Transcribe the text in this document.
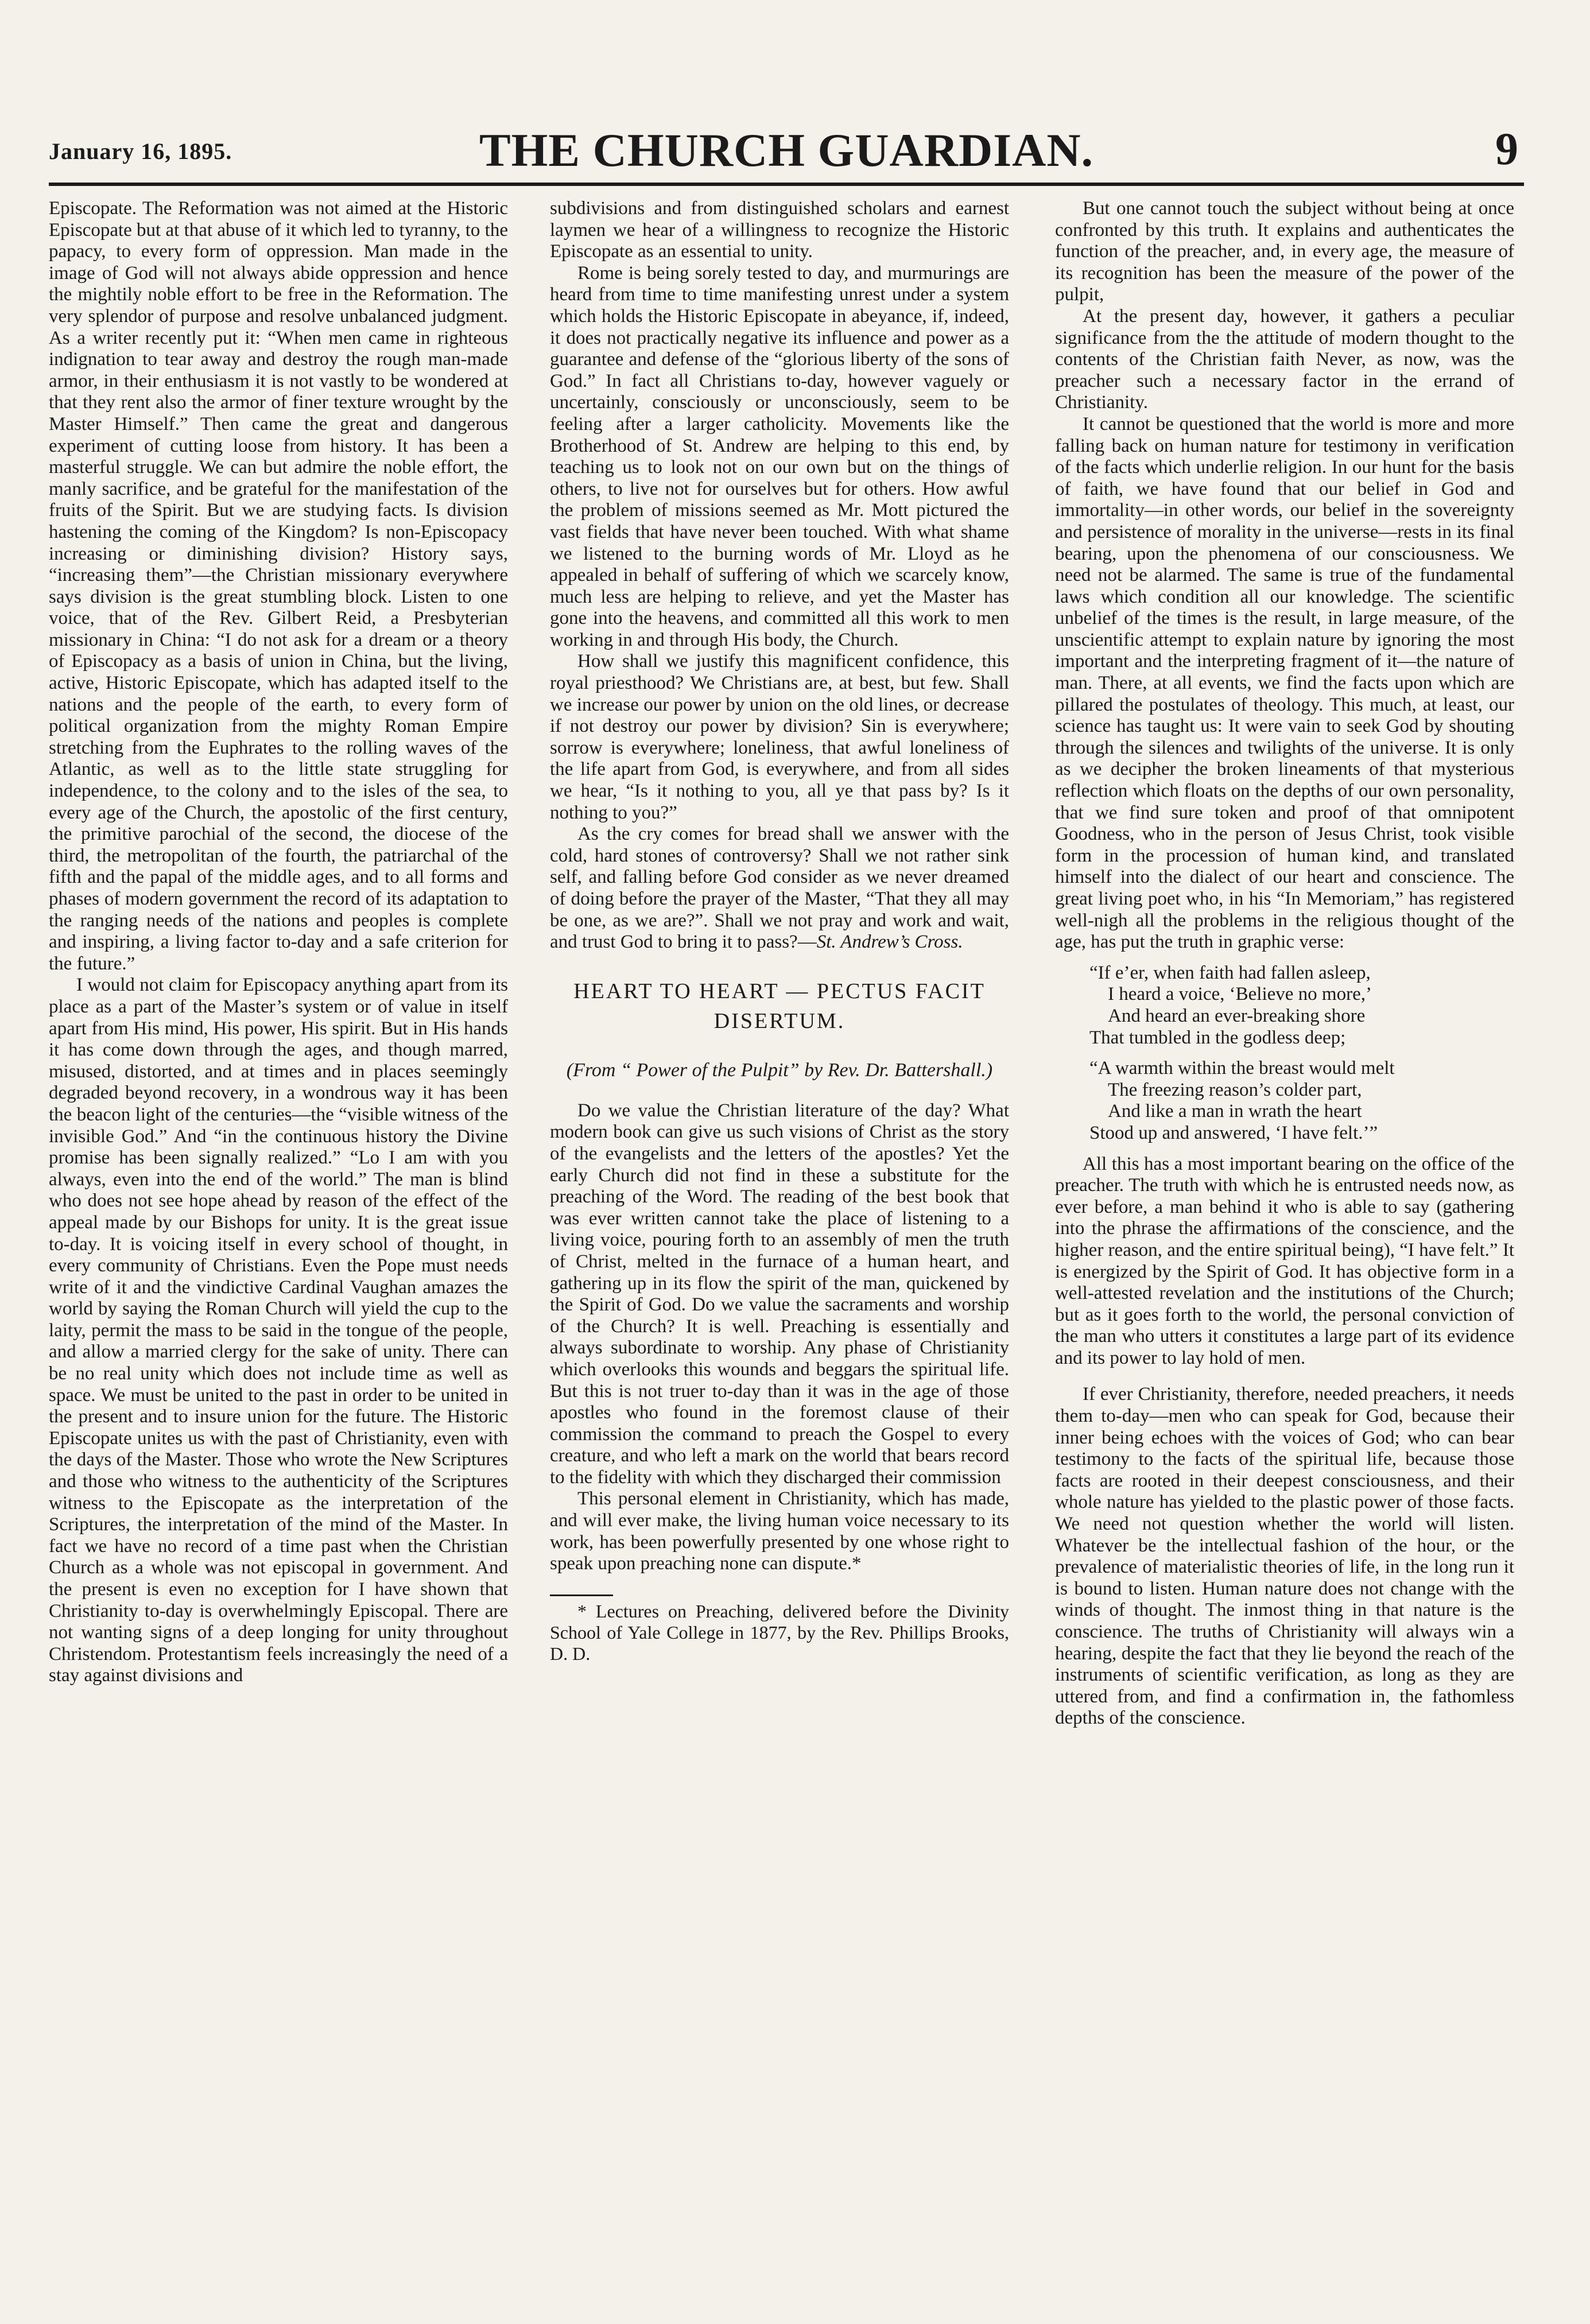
January 16, 1895.	THE CHURCH GUARDIAN.	9

Episcopate. The Reformation was not aimed at the Historic Episcopate but at that abuse of it which led to tyranny, to the papacy, to every form of oppression. Man made in the image of God will not always abide oppression and hence the mightily noble effort to be free in the Reformation. The very splendor of purpose and resolve unbalanced judgment. As a writer recently put it: “When men came in righteous indignation to tear away and destroy the rough man-made armor, in their enthusiasm it is not vastly to be wondered at that they rent also the armor of finer texture wrought by the Master Himself.” Then came the great and dangerous experiment of cutting loose from history. It has been a masterful struggle. We can but admire the noble effort, the manly sacrifice, and be grateful for the manifestation of the fruits of the Spirit. But we are studying facts. Is division hastening the coming of the Kingdom? Is non-Episcopacy increasing or diminishing division? History says, “increasing them”—the Christian missionary everywhere says division is the great stumbling block. Listen to one voice, that of the Rev. Gilbert Reid, a Presbyterian missionary in China: “I do not ask for a dream or a theory of Episcopacy as a basis of union in China, but the living, active, Historic Episcopate, which has adapted itself to the nations and the people of the earth, to every form of political organization from the mighty Roman Empire stretching from the Euphrates to the rolling waves of the Atlantic, as well as to the little state struggling for independence, to the colony and to the isles of the sea, to every age of the Church, the apostolic of the first century, the primitive parochial of the second, the diocese of the third, the metropolitan of the fourth, the patriarchal of the fifth and the papal of the middle ages, and to all forms and phases of modern government the record of its adaptation to the ranging needs of the nations and peoples is complete and inspiring, a living factor to-day and a safe criterion for the future.”

I would not claim for Episcopacy anything apart from its place as a part of the Master’s system or of value in itself apart from His mind, His power, His spirit. But in His hands it has come down through the ages, and though marred, misused, distorted, and at times and in places seemingly degraded beyond recovery, in a wondrous way it has been the beacon light of the centuries—the “visible witness of the invisible God.” And “in the continuous history the Divine promise has been signally realized.” “Lo I am with you always, even into the end of the world.” The man is blind who does not see hope ahead by reason of the effect of the appeal made by our Bishops for unity. It is the great issue to-day. It is voicing itself in every school of thought, in every community of Christians. Even the Pope must needs write of it and the vindictive Cardinal Vaughan amazes the world by saying the Roman Church will yield the cup to the laity, permit the mass to be said in the tongue of the people, and allow a married clergy for the sake of unity. There can be no real unity which does not include time as well as space. We must be united to the past in order to be united in the present and to insure union for the future. The Historic Episcopate unites us with the past of Christianity, even with the days of the Master. Those who wrote the New Scriptures and those who witness to the authenticity of the Scriptures witness to the Episcopate as the interpretation of the Scriptures, the interpretation of the mind of the Master. In fact we have no record of a time past when the Christian Church as a whole was not episcopal in government. And the present is even no exception for I have shown that Christianity to-day is overwhelmingly Episcopal. There are not wanting signs of a deep longing for unity throughout Christendom. Protestantism feels increasingly the need of a stay against divisions and

subdivisions and from distinguished scholars and earnest laymen we hear of a willingness to recognize the Historic Episcopate as an essential to unity.

Rome is being sorely tested to day, and murmurings are heard from time to time manifesting unrest under a system which holds the Historic Episcopate in abeyance, if, indeed, it does not practically negative its influence and power as a guarantee and defense of the “glorious liberty of the sons of God.” In fact all Christians to-day, however vaguely or uncertainly, consciously or unconsciously, seem to be feeling after a larger catholicity. Movements like the Brotherhood of St. Andrew are helping to this end, by teaching us to look not on our own but on the things of others, to live not for ourselves but for others. How awful the problem of missions seemed as Mr. Mott pictured the vast fields that have never been touched. With what shame we listened to the burning words of Mr. Lloyd as he appealed in behalf of suffering of which we scarcely know, much less are helping to relieve, and yet the Master has gone into the heavens, and committed all this work to men working in and through His body, the Church.

How shall we justify this magnificent confidence, this royal priesthood? We Christians are, at best, but few. Shall we increase our power by union on the old lines, or decrease if not destroy our power by division? Sin is everywhere; sorrow is everywhere; loneliness, that awful loneliness of the life apart from God, is everywhere, and from all sides we hear, “Is it nothing to you, all ye that pass by? Is it nothing to you?”

As the cry comes for bread shall we answer with the cold, hard stones of controversy? Shall we not rather sink self, and falling before God consider as we never dreamed of doing before the prayer of the Master, “That they all may be one, as we are?”. Shall we not pray and work and wait, and trust God to bring it to pass?—St. Andrew’s Cross.

HEART TO HEART — PECTUS FACIT DISERTUM.
(From “ Power of the Pulpit” by Rev. Dr. Battershall.)

Do we value the Christian literature of the day? What modern book can give us such visions of Christ as the story of the evangelists and the letters of the apostles? Yet the early Church did not find in these a substitute for the preaching of the Word. The reading of the best book that was ever written cannot take the place of listening to a living voice, pouring forth to an assembly of men the truth of Christ, melted in the furnace of a human heart, and gathering up in its flow the spirit of the man, quickened by the Spirit of God. Do we value the sacraments and worship of the Church? It is well. Preaching is essentially and always subordinate to worship. Any phase of Christianity which overlooks this wounds and beggars the spiritual life. But this is not truer to-day than it was in the age of those apostles who found in the foremost clause of their commission the command to preach the Gospel to every creature, and who left a mark on the world that bears record to the fidelity with which they discharged their commission

This personal element in Christianity, which has made, and will ever make, the living human voice necessary to its work, has been powerfully presented by one whose right to speak upon preaching none can dispute.*

* Lectures on Preaching, delivered before the Divinity School of Yale College in 1877, by the Rev. Phillips Brooks, D. D.

But one cannot touch the subject without being at once confronted by this truth. It explains and authenticates the function of the preacher, and, in every age, the measure of its recognition has been the measure of the power of the pulpit,

At the present day, however, it gathers a peculiar significance from the the attitude of modern thought to the contents of the Christian faith Never, as now, was the preacher such a necessary factor in the errand of Christianity.

It cannot be questioned that the world is more and more falling back on human nature for testimony in verification of the facts which underlie religion. In our hunt for the basis of faith, we have found that our belief in God and immortality—in other words, our belief in the sovereignty and persistence of morality in the universe—rests in its final bearing, upon the phenomena of our consciousness. We need not be alarmed. The same is true of the fundamental laws which condition all our knowledge. The scientific unbelief of the times is the result, in large measure, of the unscientific attempt to explain nature by ignoring the most important and the interpreting fragment of it—the nature of man. There, at all events, we find the facts upon which are pillared the postulates of theology. This much, at least, our science has taught us: It were vain to seek God by shouting through the silences and twilights of the universe. It is only as we decipher the broken lineaments of that mysterious reflection which floats on the depths of our own personality, that we find sure token and proof of that omnipotent Goodness, who in the person of Jesus Christ, took visible form in the procession of human kind, and translated himself into the dialect of our heart and conscience. The great living poet who, in his “In Memoriam,” has registered well-nigh all the problems in the religious thought of the age, has put the truth in graphic verse:

“If e’er, when faith had fallen asleep,
I heard a voice, ‘Believe no more,’
And heard an ever-breaking shore
That tumbled in the godless deep;
“A warmth within the breast would melt
The freezing reason’s colder part,
And like a man in wrath the heart
Stood up and answered, ‘I have felt.’”

All this has a most important bearing on the office of the preacher. The truth with which he is entrusted needs now, as ever before, a man behind it who is able to say (gathering into the phrase the affirmations of the conscience, and the higher reason, and the entire spiritual being), “I have felt.” It is energized by the Spirit of God. It has objective form in a well-attested revelation and the institutions of the Church; but as it goes forth to the world, the personal conviction of the man who utters it constitutes a large part of its evidence and its power to lay hold of men.

If ever Christianity, therefore, needed preachers, it needs them to-day—men who can speak for God, because their inner being echoes with the voices of God; who can bear testimony to the facts of the spiritual life, because those facts are rooted in their deepest consciousness, and their whole nature has yielded to the plastic power of those facts. We need not question whether the world will listen. Whatever be the intellectual fashion of the hour, or the prevalence of materialistic theories of life, in the long run it is bound to listen. Human nature does not change with the winds of thought. The inmost thing in that nature is the conscience. The truths of Christianity will always win a hearing, despite the fact that they lie beyond the reach of the instruments of scientific verification, as long as they are uttered from, and find a confirmation in, the fathomless depths of the conscience.
